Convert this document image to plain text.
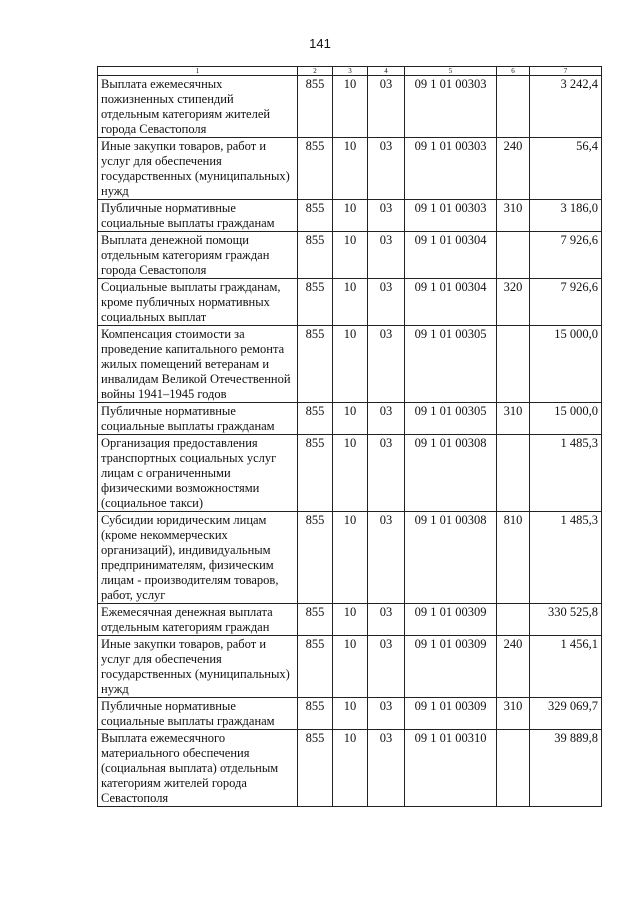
141
1	2	3	4	5	6	7
Выплата ежемесячных пожизненных стипендий отдельным категориям жителей города Севастополя	855	10	03	09 1 01 00303		3 242,4
Иные закупки товаров, работ и услуг для обеспечения государственных (муниципальных) нужд	855	10	03	09 1 01 00303	240	56,4
Публичные нормативные социальные выплаты гражданам	855	10	03	09 1 01 00303	310	3 186,0
Выплата денежной помощи отдельным категориям граждан города Севастополя	855	10	03	09 1 01 00304		7 926,6
Социальные выплаты гражданам, кроме публичных нормативных социальных выплат	855	10	03	09 1 01 00304	320	7 926,6
Компенсация стоимости за проведение капитального ремонта жилых помещений ветеранам и инвалидам Великой Отечественной войны 1941–1945 годов	855	10	03	09 1 01 00305		15 000,0
Публичные нормативные социальные выплаты гражданам	855	10	03	09 1 01 00305	310	15 000,0
Организация предоставления транспортных социальных услуг лицам с ограниченными физическими возможностями (социальное такси)	855	10	03	09 1 01 00308		1 485,3
Субсидии юридическим лицам (кроме некоммерческих организаций), индивидуальным предпринимателям, физическим лицам - производителям товаров, работ, услуг	855	10	03	09 1 01 00308	810	1 485,3
Ежемесячная денежная выплата отдельным категориям граждан	855	10	03	09 1 01 00309		330 525,8
Иные закупки товаров, работ и услуг для обеспечения государственных (муниципальных) нужд	855	10	03	09 1 01 00309	240	1 456,1
Публичные нормативные социальные выплаты гражданам	855	10	03	09 1 01 00309	310	329 069,7
Выплата ежемесячного материального обеспечения (социальная выплата) отдельным категориям жителей города Севастополя	855	10	03	09 1 01 00310		39 889,8
